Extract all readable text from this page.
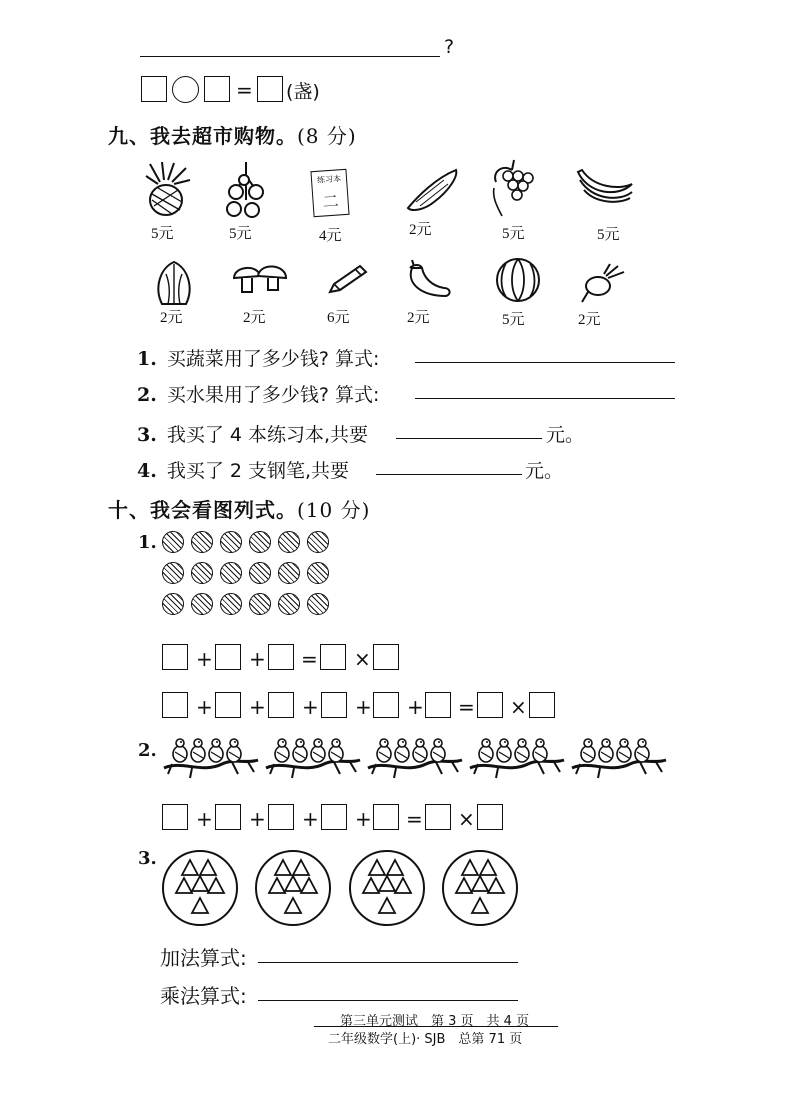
?
= (盏)
九、我去超市购物。(8 分)
练习本
二
5元	5元	4元	2元	5元	5元
2元	2元	6元	2元	5元	2元
1. 买蔬菜用了多少钱? 算式:
2. 买水果用了多少钱? 算式:
3. 我买了 4 本练习本,共要	元。
4. 我买了 2 支钢笔,共要	元。
十、我会看图列式。(10 分)
1.
+ + = ×
+ + + + + = ×
2.
+ + + + = ×
3.
加法算式:
乘法算式:
第三单元测试　第 3 页　共 4 页
二年级数学(上)· SJB　总第 71 页
